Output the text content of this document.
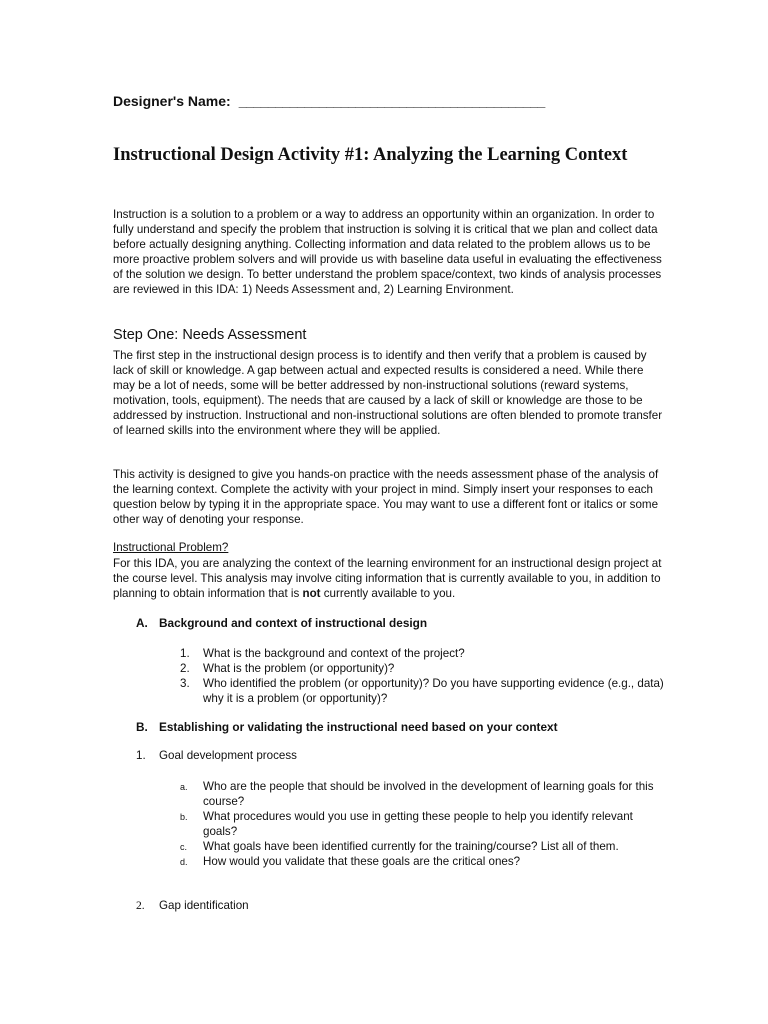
Designer's Name: __________________________________________
Instructional Design Activity #1: Analyzing the Learning Context

Instruction is a solution to a problem or a way to address an opportunity within an organization. In order to fully understand and specify the problem that instruction is solving it is critical that we plan and collect data before actually designing anything. Collecting information and data related to the problem allows us to be more proactive problem solvers and will provide us with baseline data useful in evaluating the effectiveness of the solution we design. To better understand the problem space/context, two kinds of analysis processes are reviewed in this IDA: 1) Needs Assessment and, 2) Learning Environment.

Step One: Needs Assessment

The first step in the instructional design process is to identify and then verify that a problem is caused by lack of skill or knowledge. A gap between actual and expected results is considered a need. While there may be a lot of needs, some will be better addressed by non-instructional solutions (reward systems, motivation, tools, equipment). The needs that are caused by a lack of skill or knowledge are those to be addressed by instruction. Instructional and non-instructional solutions are often blended to promote transfer of learned skills into the environment where they will be applied.

This activity is designed to give you hands-on practice with the needs assessment phase of the analysis of the learning context. Complete the activity with your project in mind. Simply insert your responses to each question below by typing it in the appropriate space. You may want to use a different font or italics or some other way of denoting your response.

Instructional Problem?

For this IDA, you are analyzing the context of the learning environment for an instructional design project at the course level. This analysis may involve citing information that is currently available to you, in addition to planning to obtain information that is not currently available to you.

A. Background and context of instructional design
1. What is the background and context of the project?
2. What is the problem (or opportunity)?
3. Who identified the problem (or opportunity)? Do you have supporting evidence (e.g., data) why it is a problem (or opportunity)?
B. Establishing or validating the instructional need based on your context
1. Goal development process
a. Who are the people that should be involved in the development of learning goals for this course?
b. What procedures would you use in getting these people to help you identify relevant goals?
c. What goals have been identified currently for the training/course? List all of them.
d. How would you validate that these goals are the critical ones?
2. Gap identification
